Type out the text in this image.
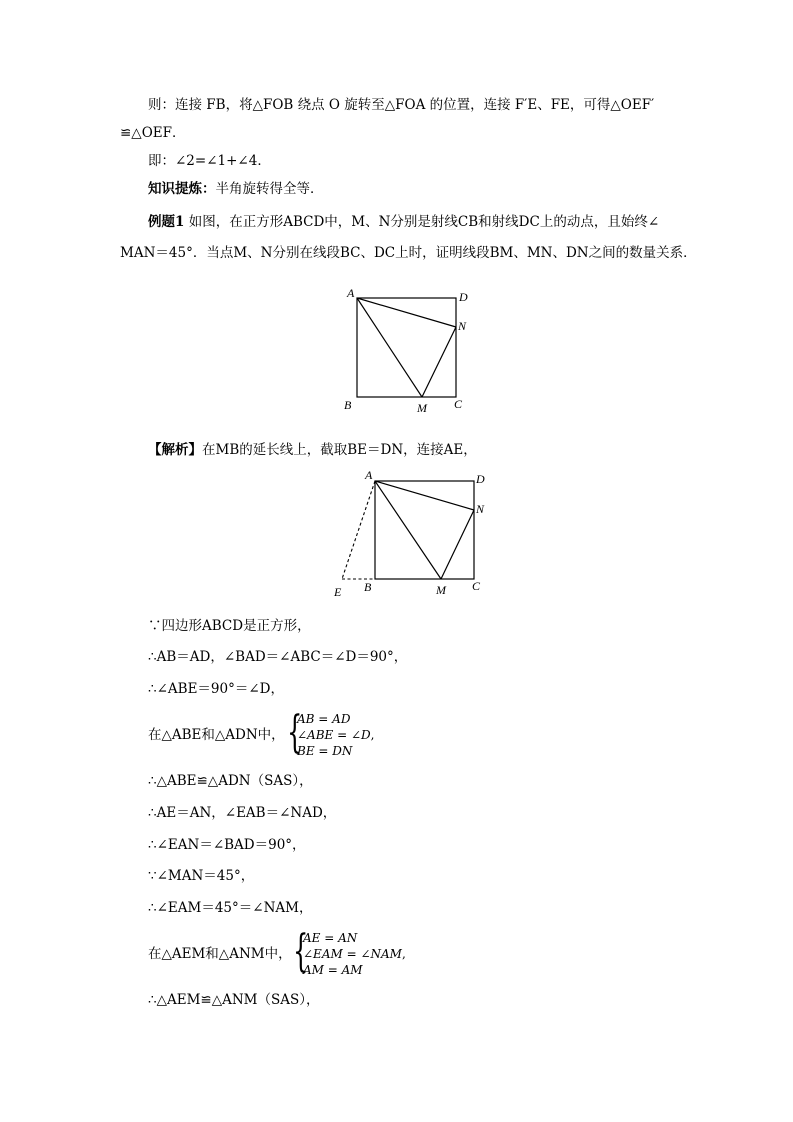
则：连接 FB，将△FOB 绕点 O 旋转至△FOA 的位置，连接 F′E、FE，可得△OEF′
≌△OEF．
即：∠2=∠1+∠4．
知识提炼：半角旋转得全等．
例题1 如图，在正方形ABCD中，M、N分别是射线CB和射线DC上的动点，且始终∠
MAN＝45°．当点M、N分别在线段BC、DC上时，证明线段BM、MN、DN之间的数量关系．
A	D
N
B	M C
【解析】在MB的延长线上，截取BE＝DN，连接AE，
A	D
N
B	M C
E
∵四边形ABCD是正方形，
∴AB＝AD，∠BAD＝∠ABC＝∠D＝90°，
∴∠ABE＝90°＝∠D，
在△ABE和△ADN中， {
AB = AD
∠ABE = ∠D,
BE = DN
∴△ABE≌△ADN（SAS），
∴AE＝AN，∠EAB＝∠NAD，
∴∠EAN＝∠BAD＝90°，
∵∠MAN＝45°，
∴∠EAM＝45°＝∠NAM，
在△AEM和△ANM中， {
AE = AN
∠EAM = ∠NAM,
AM = AM
∴△AEM≌△ANM（SAS），
